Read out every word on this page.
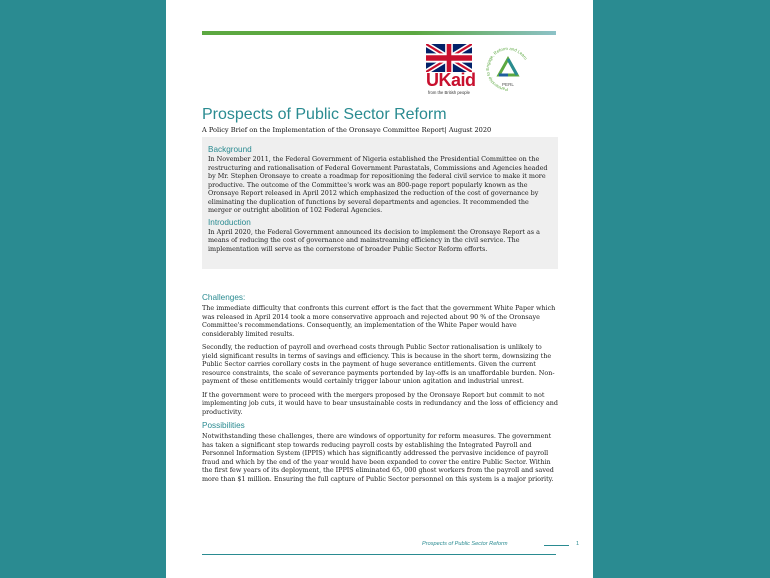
UKaid
from the British people
Partnership to Engage, Reform and Learn
PERL
Prospects of Public Sector Reform
A Policy Brief on the Implementation of the Oronsaye Committee Report| August 2020
Background

In November 2011, the Federal Government of Nigeria established the Presidential Committee on the restructuring and rationalisation of Federal Government Parastatals, Commissions and Agencies headed by Mr. Stephen Oronsaye to create a roadmap for repositioning the federal civil service to make it more productive. The outcome of the Committee's work was an 800-page report popularly known as the Oronsaye Report released in April 2012 which emphasized the reduction of the cost of governance by eliminating the duplication of functions by several departments and agencies. It recommended the merger or outright abolition of 102 Federal Agencies.

Introduction

In April 2020, the Federal Government announced its decision to implement the Oronsaye Report as a means of reducing the cost of governance and mainstreaming efficiency in the civil service. The implementation will serve as the cornerstone of broader Public Sector Reform efforts.

Challenges:

The immediate difficulty that confronts this current effort is the fact that the government White Paper which was released in April 2014 took a more conservative approach and rejected about 90 % of the Oronsaye Committee's recommendations. Consequently, an implementation of the White Paper would have considerably limited results.

Secondly, the reduction of payroll and overhead costs through Public Sector rationalisation is unlikely to yield significant results in terms of savings and efficiency. This is because in the short term, downsizing the Public Sector carries corollary costs in the payment of huge severance entitlements. Given the current resource constraints, the scale of severance payments portended by lay-offs is an unaffordable burden. Non-payment of these entitlements would certainly trigger labour union agitation and industrial unrest.

If the government were to proceed with the mergers proposed by the Oronsaye Report but commit to not implementing job cuts, it would have to bear unsustainable costs in redundancy and the loss of efficiency and productivity.

Possibilities

Notwithstanding these challenges, there are windows of opportunity for reform measures. The government has taken a significant step towards reducing payroll costs by establishing the Integrated Payroll and Personnel Information System (IPPIS) which has significantly addressed the pervasive incidence of payroll fraud and which by the end of the year would have been expanded to cover the entire Public Sector. Within the first few years of its deployment, the IPPIS eliminated 65, 000 ghost workers from the payroll and saved more than $1 million. Ensuring the full capture of Public Sector personnel on this system is a major priority.

Prospects of Public Sector Reform	1
